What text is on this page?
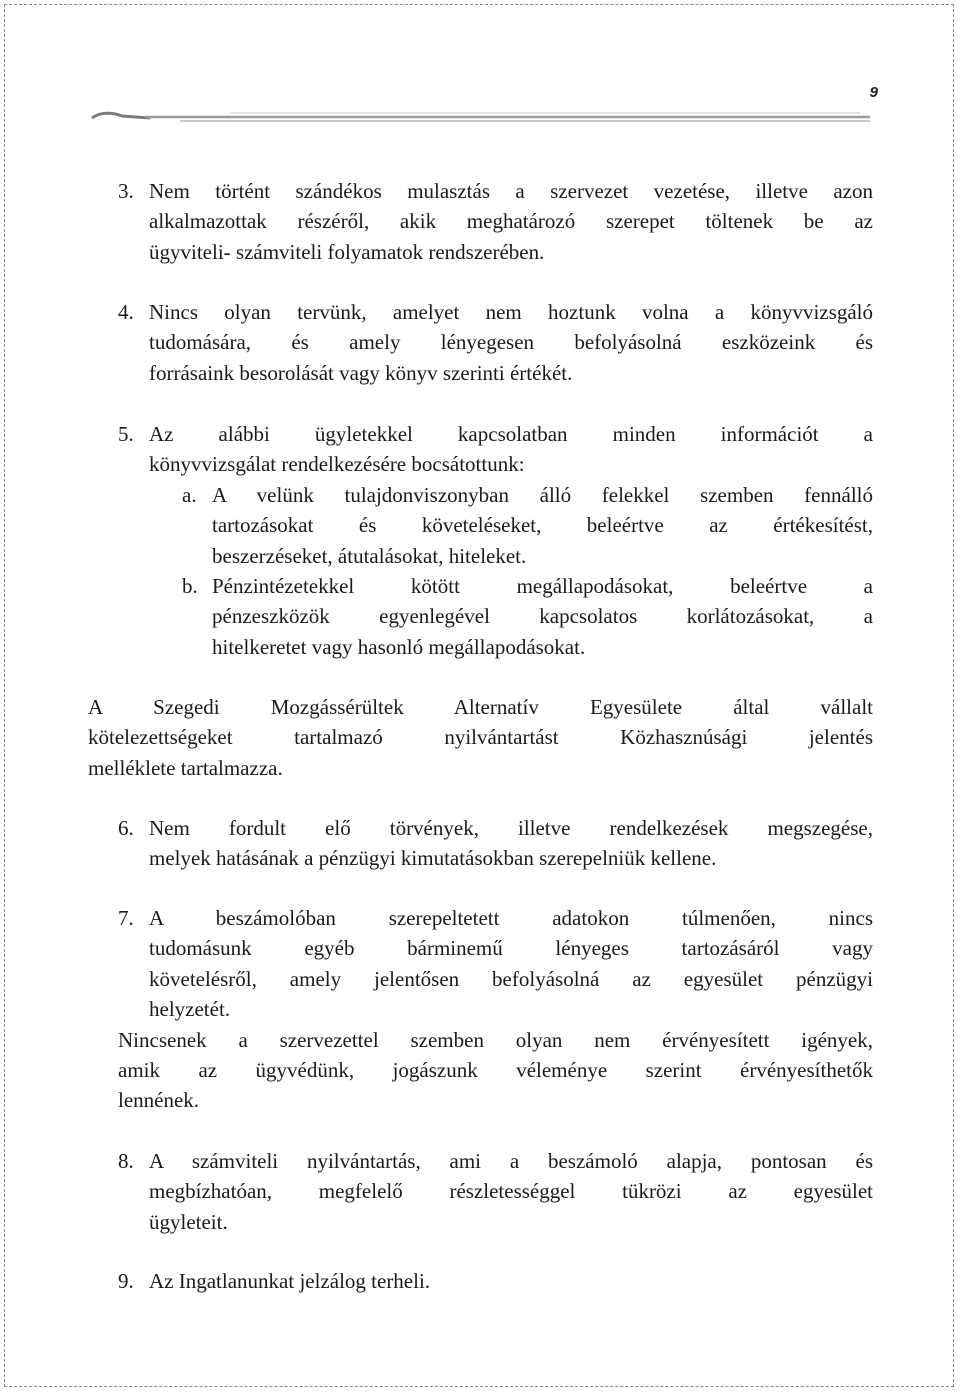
9
3. Nem történt szándékos mulasztás a szervezet vezetése, illetve azon
alkalmazottak részéről, akik meghatározó szerepet töltenek be az
ügyviteli- számviteli folyamatok rendszerében.
4. Nincs olyan tervünk, amelyet nem hoztunk volna a könyvvizsgáló
tudomására, és amely lényegesen befolyásolná eszközeink és
forrásaink besorolását vagy könyv szerinti értékét.
5. Az alábbi ügyletekkel kapcsolatban minden információt a
könyvvizsgálat rendelkezésére bocsátottunk:
a. A velünk tulajdonviszonyban álló felekkel szemben fennálló
tartozásokat és követeléseket, beleértve az értékesítést,
beszerzéseket, átutalásokat, hiteleket.
b. Pénzintézetekkel kötött megállapodásokat, beleértve a
pénzeszközök egyenlegével kapcsolatos korlátozásokat, a
hitelkeretet vagy hasonló megállapodásokat.
A Szegedi Mozgássérültek Alternatív Egyesülete által vállalt
kötelezettségeket tartalmazó nyilvántartást Közhasznúsági jelentés
melléklete tartalmazza.
6. Nem fordult elő törvények, illetve rendelkezések megszegése,
melyek hatásának a pénzügyi kimutatásokban szerepelniük kellene.
7. A beszámolóban szerepeltetett adatokon túlmenően, nincs
tudomásunk egyéb bárminemű lényeges tartozásáról vagy
követelésről, amely jelentősen befolyásolná az egyesület pénzügyi
helyzetét.
Nincsenek a szervezettel szemben olyan nem érvényesített igények,
amik az ügyvédünk, jogászunk véleménye szerint érvényesíthetők
lennének.
8. A számviteli nyilvántartás, ami a beszámoló alapja, pontosan és
megbízhatóan, megfelelő részletességgel tükrözi az egyesület
ügyleteit.
9. Az Ingatlanunkat jelzálog terheli.
